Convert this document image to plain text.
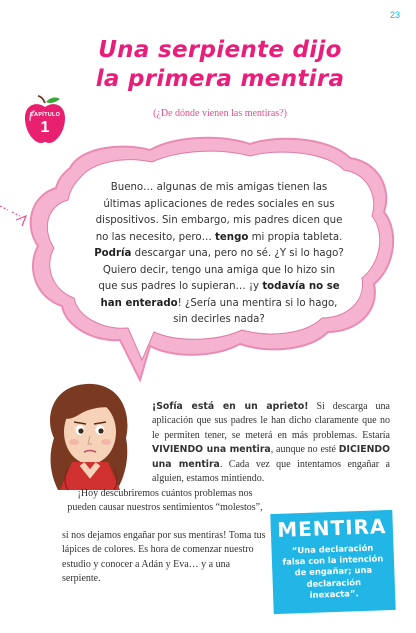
23
Una serpiente dijo
la primera mentira
CAPÍTULO
1
(¿De dónde vienen las mentiras?)
Bueno… algunas de mis amigas tienen las últimas aplicaciones de redes sociales en sus dispositivos. Sin embargo, mis padres dicen que no las necesito, pero… tengo mi propia tableta. Podría descargar una, pero no sé. ¿Y si lo hago? Quiero decir, tengo una amiga que lo hizo sin que sus padres lo supieran… ¡y todavía no se han enterado! ¿Sería una mentira si lo hago, sin decirles nada?
¡Sofía está en un aprieto! Si descarga una aplicación que sus padres le han dicho claramente que no le permiten tener, se meterá en más problemas. Estaría VIVIENDO una mentira, aunque no esté DICIENDO una mentira. Cada vez que intentamos engañar a alguien, estamos mintiendo.
¡Hoy descubriremos cuántos problemas nos pueden causar nuestros sentimientos “molestos”,
si nos dejamos engañar por sus mentiras! Toma tus lápices de colores. Es hora de comenzar nuestro estudio y conocer a Adán y Eva… y a una serpiente.
MENTIRA
“Una declaración falsa con la intención de engañar; una declaración inexacta”.
